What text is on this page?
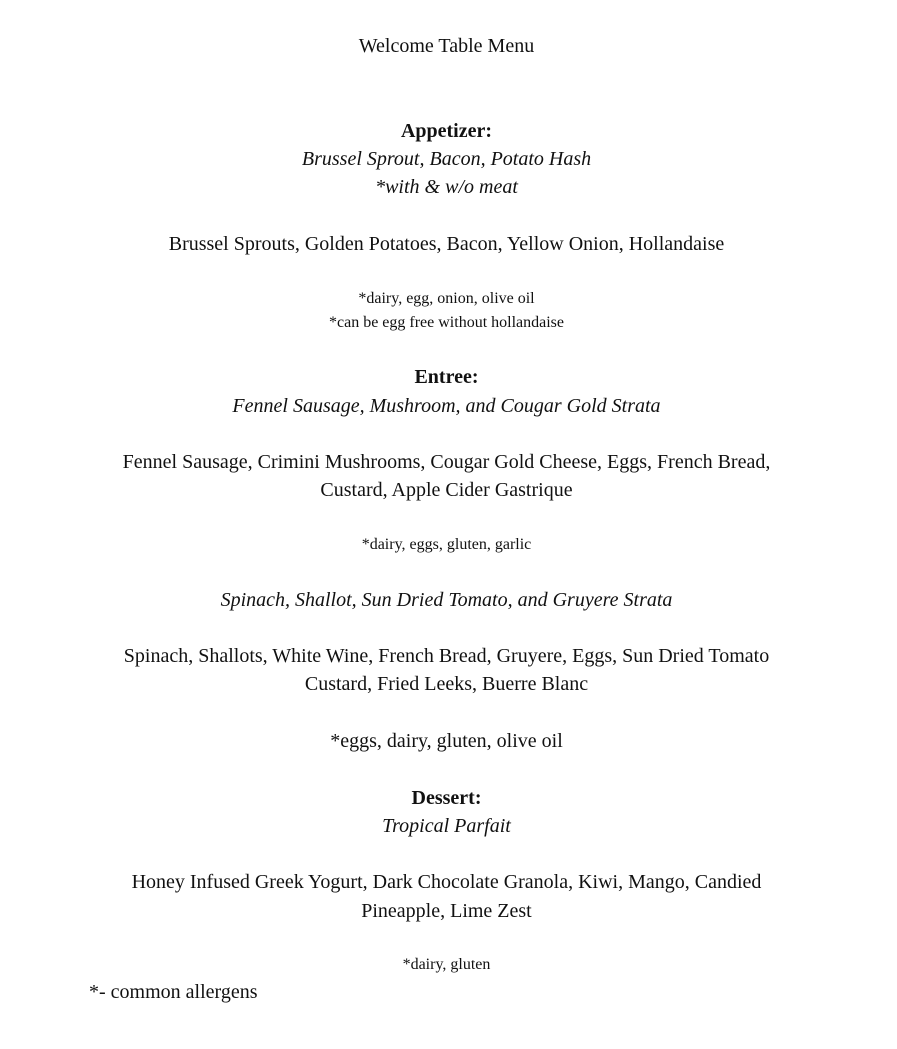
Welcome Table Menu
Appetizer:
Brussel Sprout, Bacon, Potato Hash
*with & w/o meat
Brussel Sprouts, Golden Potatoes, Bacon, Yellow Onion, Hollandaise
*dairy, egg, onion, olive oil
*can be egg free without hollandaise
Entree:
Fennel Sausage, Mushroom, and Cougar Gold Strata
Fennel Sausage, Crimini Mushrooms, Cougar Gold Cheese, Eggs, French Bread,
Custard, Apple Cider Gastrique
*dairy, eggs, gluten, garlic
Spinach, Shallot, Sun Dried Tomato, and Gruyere Strata
Spinach, Shallots, White Wine, French Bread, Gruyere, Eggs, Sun Dried Tomato
Custard, Fried Leeks, Buerre Blanc
*eggs, dairy, gluten, olive oil
Dessert:
Tropical Parfait
Honey Infused Greek Yogurt, Dark Chocolate Granola, Kiwi, Mango, Candied
Pineapple, Lime Zest
*dairy, gluten
*- common allergens
